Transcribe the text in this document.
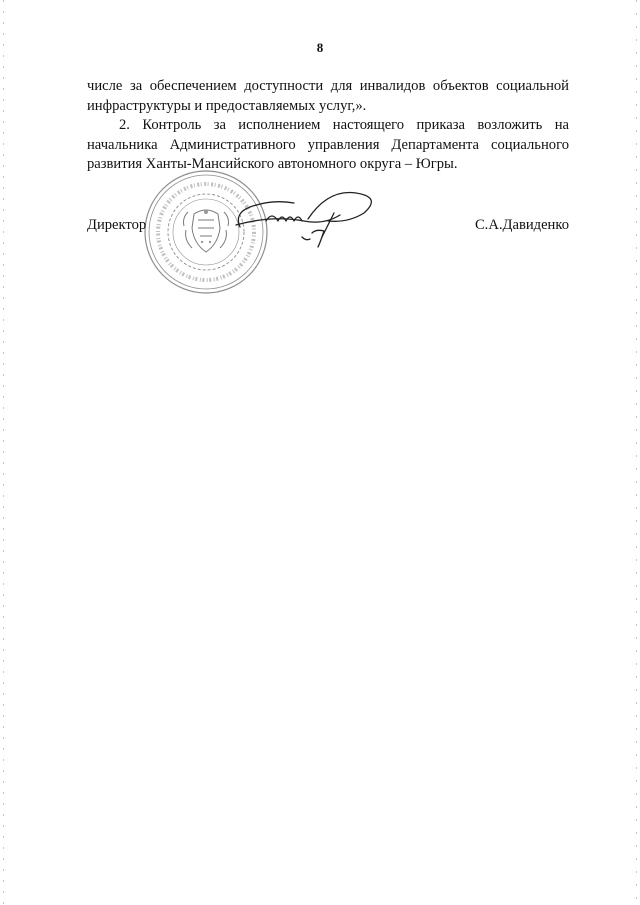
8

числе за обеспечением доступности для инвалидов объектов социальной инфраструктуры и предоставляемых услуг,».

2. Контроль за исполнением настоящего приказа возложить на начальника Административного управления Департамента социального развития Ханты-Мансийского автономного округа – Югры.

Директор	С.А.Давиденко
